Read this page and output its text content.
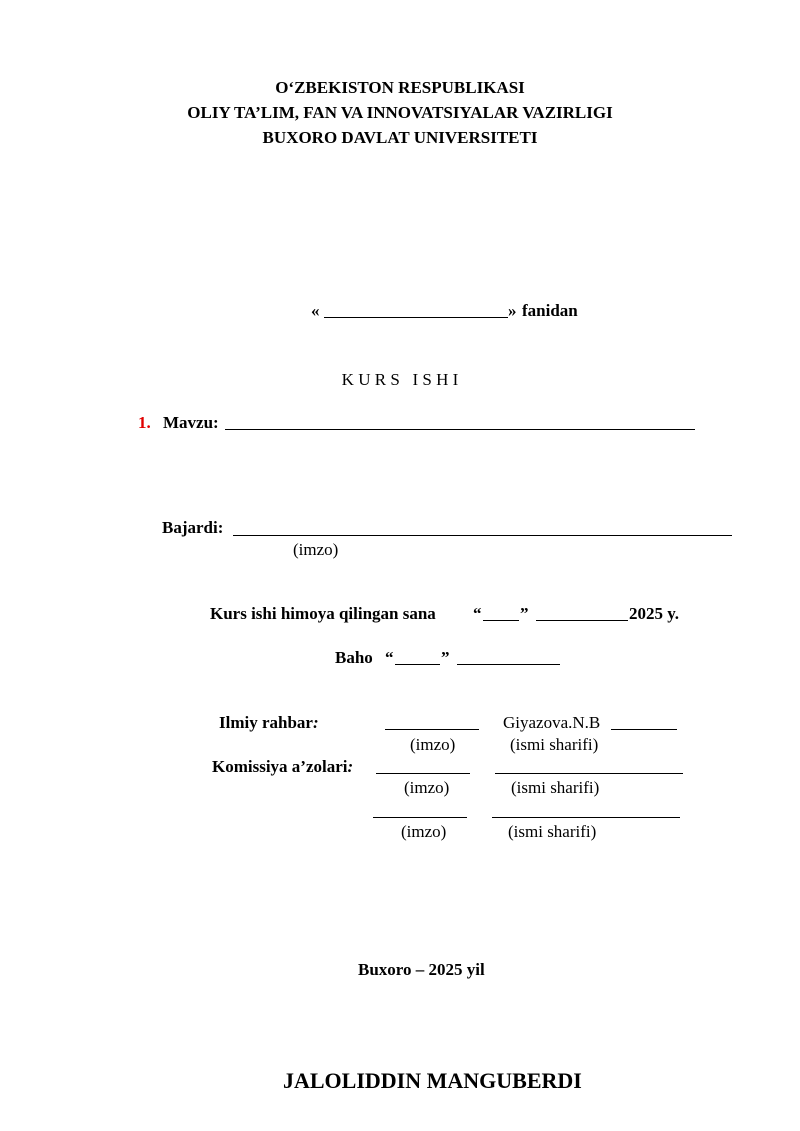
O‘ZBEKISTON RESPUBLIKASI
OLIY TA’LIM, FAN VA INNOVATSIYALAR VAZIRLIGI
BUXORO DAVLAT UNIVERSITETI
«	» fanidan
K U R S   I S H I
1. Mavzu:
Bajardi:
(imzo)
Kurs ishi himoya qilingan sana “ ”	2025 y.
Baho “	”
Ilmiy rahbar:	Giyazova.N.B
(imzo)	(ismi sharifi)
Komissiya a’zolari:
(imzo)	(ismi sharifi)
(imzo)	(ismi sharifi)
Buxoro – 2025 yil
JALOLIDDIN MANGUBERDI
